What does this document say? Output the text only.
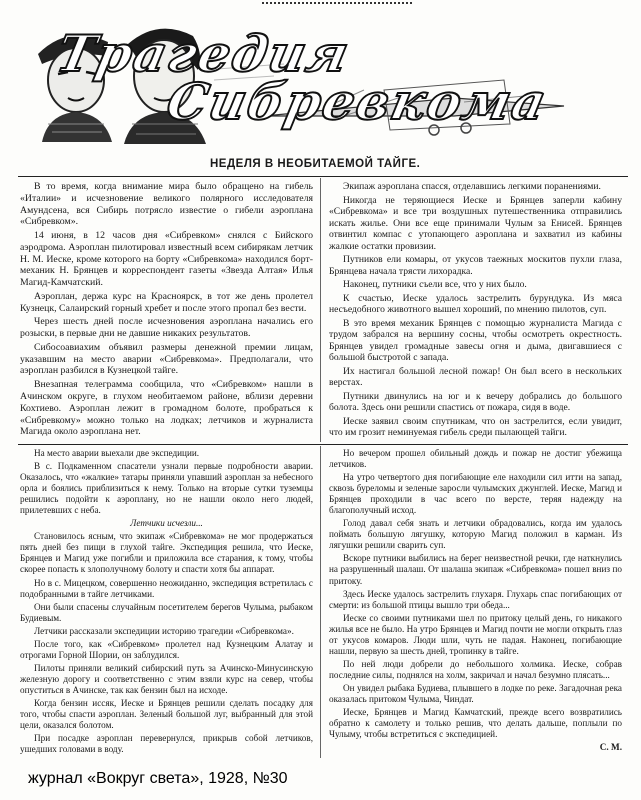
Трагедия
Сибревкома
НЕДЕЛЯ В НЕОБИТАЕМОЙ ТАЙГЕ.

В то время, когда внимание мира было обращено на гибель «Италии» и исчезновение великого полярного исследователя Амундсена, вся Сибирь потрясло известие о гибели аэроплана «Сибревком».

14 июня, в 12 часов дня «Сибревком» снялся с Бийского аэродрома. Аэроплан пилотировал известный всем сибирякам летчик Н. М. Иеске, кроме которого на борту «Сибревкома» находился борт-механик Н. Брянцев и корреспондент газеты «Звезда Алтая» Илья Магид-Камчатский.

Аэроплан, держа курс на Красноярск, в тот же день пролетел Кузнецк, Салаирский горный хребет и после этого пропал без вести.

Через шесть дней после исчезновения аэроплана начались его розыски, в первые дни не давшие никаких результатов.

Сибосоавиахим объявил размеры денежной премии лицам, указавшим на место аварии «Сибревкома». Предполагали, что аэроплан разбился в Кузнецкой тайге.

Внезапная телеграмма сообщила, что «Сибревком» нашли в Ачинском округе, в глухом необитаемом районе, вблизи деревни Кохтиево. Аэроплан лежит в громадном болоте, пробраться к «Сибревкому» можно только на лодках; летчиков и журналиста Магида около аэроплана нет.

Экипаж аэроплана спасся, отделавшись легкими поранениями.

Никогда не теряющиеся Иеске и Брянцев заперли кабину «Сибревкома» и все три воздушных путешественника отправились искать жилье. Они все еще принимали Чулым за Енисей. Брянцев отвинтил компас с утопающего аэроплана и захватил из кабины жалкие остатки провизии.

Путников ели комары, от укусов таежных москитов пухли глаза, Брянцева начала трясти лихорадка.

Наконец, путники съели все, что у них было.

К счастью, Иеске удалось застрелить бурундука. Из мяса несъедобного животного вышел хороший, по мнению пилотов, суп.

В это время механик Брянцев с помощью журналиста Магида с трудом забрался на вершину сосны, чтобы осмотреть окрестность. Брянцев увидел громадные завесы огня и дыма, двигавшиеся с большой быстротой с запада.

Их настигал большой лесной пожар! Он был всего в нескольких верстах.

Путники двинулись на юг и к вечеру добрались до большого болота. Здесь они решили спастись от пожара, сидя в воде.

Иеске заявил своим спутникам, что он застрелится, если увидит, что им грозит неминуемая гибель среди пылающей тайги.

На место аварии выехали две экспедиции.

В с. Подкаменном спасатели узнали первые подробности аварии. Оказалось, что «жалкие» татары приняли упавший аэроплан за небесного орла и боялись приблизиться к нему. Только на вторые сутки туземцы решились подойти к аэроплану, но не нашли около него людей, прилетевших с неба.

Летчики исчезли...

Становилось ясным, что экипаж «Сибревкома» не мог продержаться пять дней без пищи в глухой тайге. Экспедиция решила, что Иеске, Брянцев и Магид уже погибли и приложила все старания, к тому, чтобы скорее попасть к злополучному болоту и спасти хотя бы аппарат.

Но в с. Мицецком, совершенно неожиданно, экспедиция встретилась с подобранными в тайге летчиками.

Они были спасены случайным посетителем берегов Чулыма, рыбаком Будиевым.

Летчики рассказали экспедиции историю трагедии «Сибревкома».

После того, как «Сибревком» пролетел над Кузнецким Алатау и отрогами Горной Шории, он заблудился.

Пилоты приняли великий сибирский путь за Ачинско-Минусинскую железную дорогу и соответственно с этим взяли курс на север, чтобы опуститься в Ачинске, так как бензин был на исходе.

Когда бензин иссяк, Иеске и Брянцев решили сделать посадку для того, чтобы спасти аэроплан. Зеленый большой луг, выбранный для этой цели, оказался болотом.

При посадке аэроплан перевернулся, прикрыв собой летчиков, ушедших головами в воду.

Но вечером прошел обильный дождь и пожар не достиг убежища летчиков.

На утро четвертого дня погибающие еле находили сил итти на запад, сквозь буреломы и зеленые заросли чулымских джунглей. Иеске, Магид и Брянцев проходили в час всего по версте, теряя надежду на благополучный исход.

Голод давал себя знать и летчики обрадовались, когда им удалось поймать большую лягушку, которую Магид положил в карман. Из лягушки решили сварить суп.

Вскоре путники выбились на берег неизвестной речки, где наткнулись на разрушенный шалаш. От шалаша экипаж «Сибревкома» пошел вниз по притоку.

Здесь Иеске удалось застрелить глухаря. Глухарь спас погибающих от смерти: из большой птицы вышло три обеда...

Иеске со своими путниками шел по притоку целый день, го никакого жилья все не было. На утро Брянцев и Магид почти не могли открыть глаз от укусов комаров. Люди шли, чуть не падая. Наконец, погибающие нашли, первую за шесть дней, тропинку в тайге.

По ней люди добрели до небольшого холмика. Иеске, собрав последние силы, поднялся на холм, закричал и начал безумно плясать...

Он увидел рыбака Будиева, плывшего в лодке по реке. Загадочная река оказалась притоком Чулыма, Чиндат.

Иеске, Брянцев и Магид Камчатский, прежде всего возвратились обратно к самолету и только решив, что делать дальше, поплыли по Чулыму, чтобы встретиться с экспедицией.

С. М.

журнал «Вокруг света», 1928, №30
